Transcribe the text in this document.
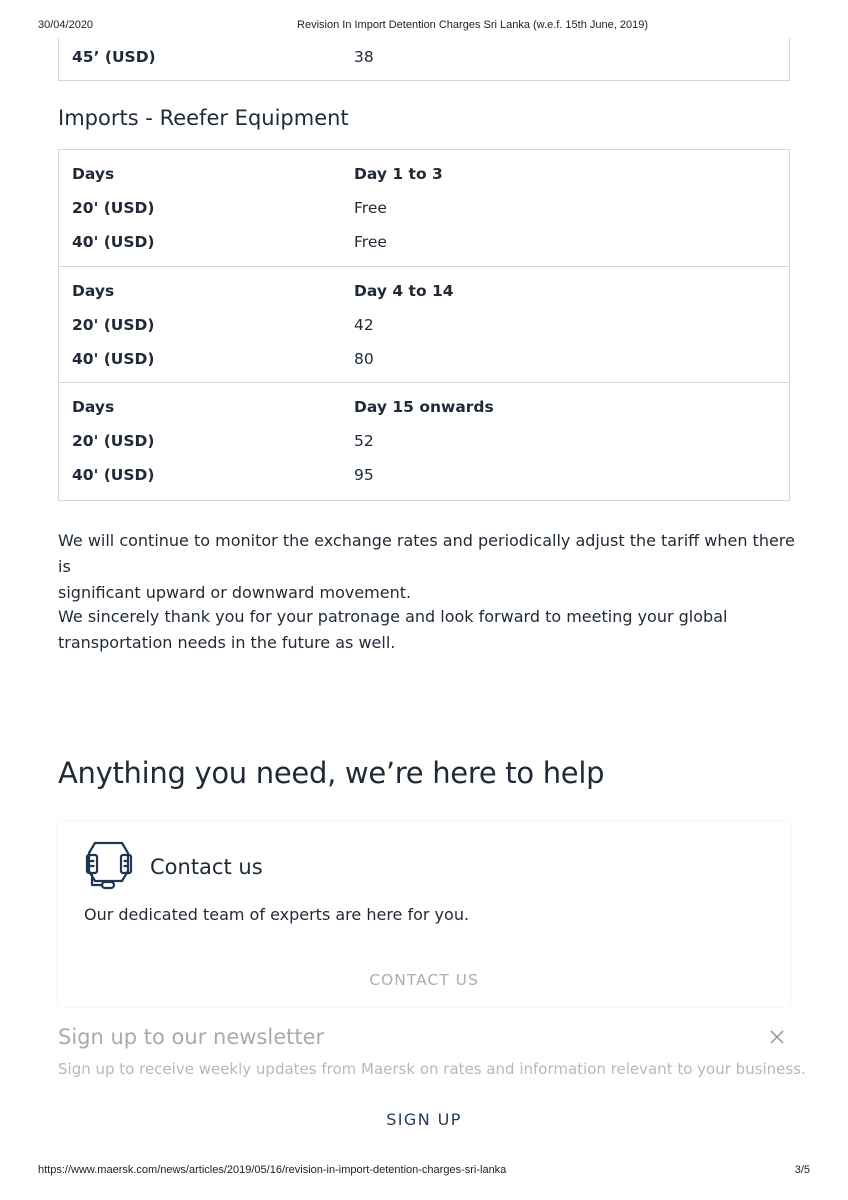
30/04/2020	Revision In Import Detention Charges Sri Lanka (w.e.f. 15th June, 2019)
45’ (USD)	38
Imports - Reefer Equipment
Days	Day 1 to 3
20' (USD)	Free
40' (USD)	Free
Days	Day 4 to 14
20' (USD)	42
40' (USD)	80
Days	Day 15 onwards
20' (USD)	52
40' (USD)	95
We will continue to monitor the exchange rates and periodically adjust the tariff when there is
significant upward or downward movement.
We sincerely thank you for your patronage and look forward to meeting your global
transportation needs in the future as well.
Anything you need, we’re here to help
Contact us
Our dedicated team of experts are here for you.
CONTACT US
Sign up to our newsletter
Sign up to receive weekly updates from Maersk on rates and information relevant to your business.
SIGN UP
https://www.maersk.com/news/articles/2019/05/16/revision-in-import-detention-charges-sri-lanka	3/5
